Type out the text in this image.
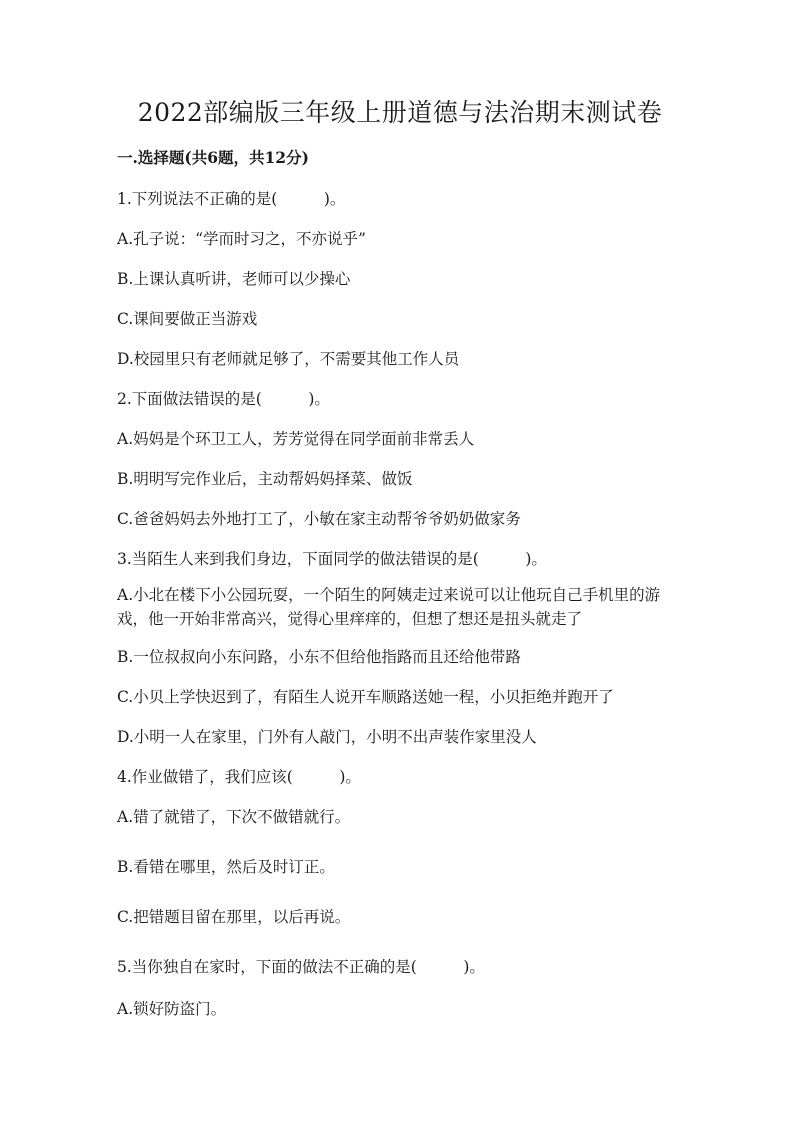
2022部编版三年级上册道德与法治期末测试卷
一.选择题(共6题，共12分)
1.下列说法不正确的是(　　　)。
A.孔子说：“学而时习之，不亦说乎”
B.上课认真听讲，老师可以少操心
C.课间要做正当游戏
D.校园里只有老师就足够了，不需要其他工作人员
2.下面做法错误的是(　　　)。
A.妈妈是个环卫工人，芳芳觉得在同学面前非常丢人
B.明明写完作业后，主动帮妈妈择菜、做饭
C.爸爸妈妈去外地打工了，小敏在家主动帮爷爷奶奶做家务
3.当陌生人来到我们身边，下面同学的做法错误的是(　　　)。
A.小北在楼下小公园玩耍，一个陌生的阿姨走过来说可以让他玩自己手机里的游戏，他一开始非常高兴，觉得心里痒痒的，但想了想还是扭头就走了
B.一位叔叔向小东问路，小东不但给他指路而且还给他带路
C.小贝上学快迟到了，有陌生人说开车顺路送她一程，小贝拒绝并跑开了
D.小明一人在家里，门外有人敲门，小明不出声装作家里没人
4.作业做错了，我们应该(　　　)。
A.错了就错了，下次不做错就行。
B.看错在哪里，然后及时订正。
C.把错题目留在那里，以后再说。
5.当你独自在家时，下面的做法不正确的是(　　　)。
A.锁好防盗门。
